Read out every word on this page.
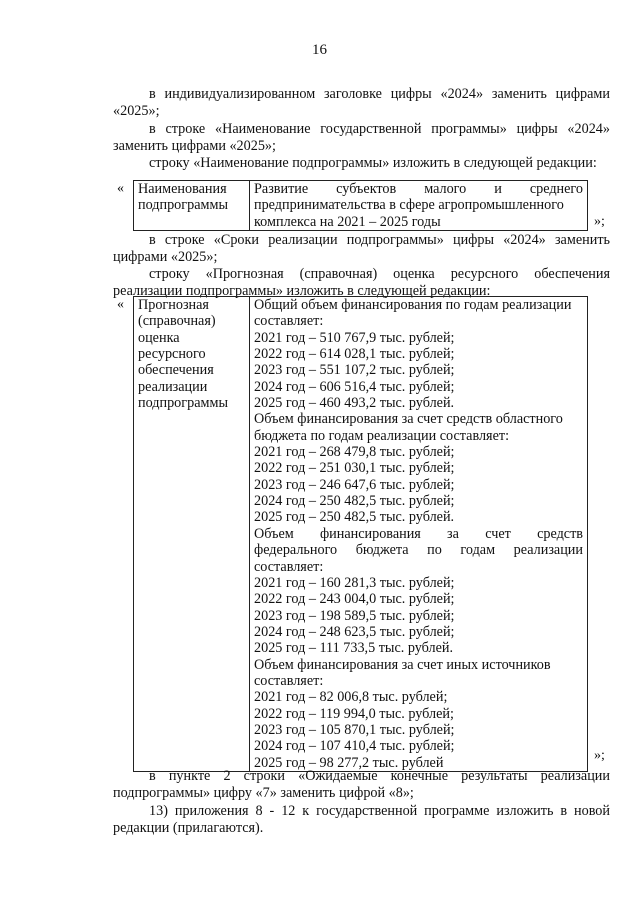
16
в индивидуализированном заголовке цифры «2024» заменить цифрами «2025»;
в строке «Наименование государственной программы» цифры «2024» заменить цифрами «2025»;
строку «Наименование подпрограммы» изложить в следующей редакции:
« Наименования
подпрограммы

Развитие субъектов малого и среднего
предпринимательства в сфере агропромышленного
комплекса на 2021 – 2025 годы	»;
в строке «Сроки реализации подпрограммы» цифры «2024» заменить цифрами «2025»;
строку «Прогнозная (справочная) оценка ресурсного обеспечения реализации подпрограммы» изложить в следующей редакции:
« Прогнозная
(справочная)
оценка
ресурсного
обеспечения
реализации
подпрограммы

Общий объем финансирования по годам реализации
составляет:
2021 год – 510 767,9 тыс. рублей;
2022 год – 614 028,1 тыс. рублей;
2023 год – 551 107,2 тыс. рублей;
2024 год – 606 516,4 тыс. рублей;
2025 год – 460 493,2 тыс. рублей.
Объем финансирования за счет средств областного
бюджета по годам реализации составляет:
2021 год – 268 479,8 тыс. рублей;
2022 год – 251 030,1 тыс. рублей;
2023 год – 246 647,6 тыс. рублей;
2024 год – 250 482,5 тыс. рублей;
2025 год – 250 482,5 тыс. рублей.
Объем финансирования за счет средств
федерального бюджета по годам реализации
составляет:
2021 год – 160 281,3 тыс. рублей;
2022 год – 243 004,0 тыс. рублей;
2023 год – 198 589,5 тыс. рублей;
2024 год – 248 623,5 тыс. рублей;
2025 год – 111 733,5 тыс. рублей.
Объем финансирования за счет иных источников
составляет:
2021 год – 82 006,8 тыс. рублей;
2022 год – 119 994,0 тыс. рублей;
2023 год – 105 870,1 тыс. рублей;
2024 год – 107 410,4 тыс. рублей;
2025 год – 98 277,2 тыс. рублей	»;
в пункте 2 строки «Ожидаемые конечные результаты реализации подпрограммы» цифру «7» заменить цифрой «8»;
13) приложения 8 - 12 к государственной программе изложить в новой редакции (прилагаются).
